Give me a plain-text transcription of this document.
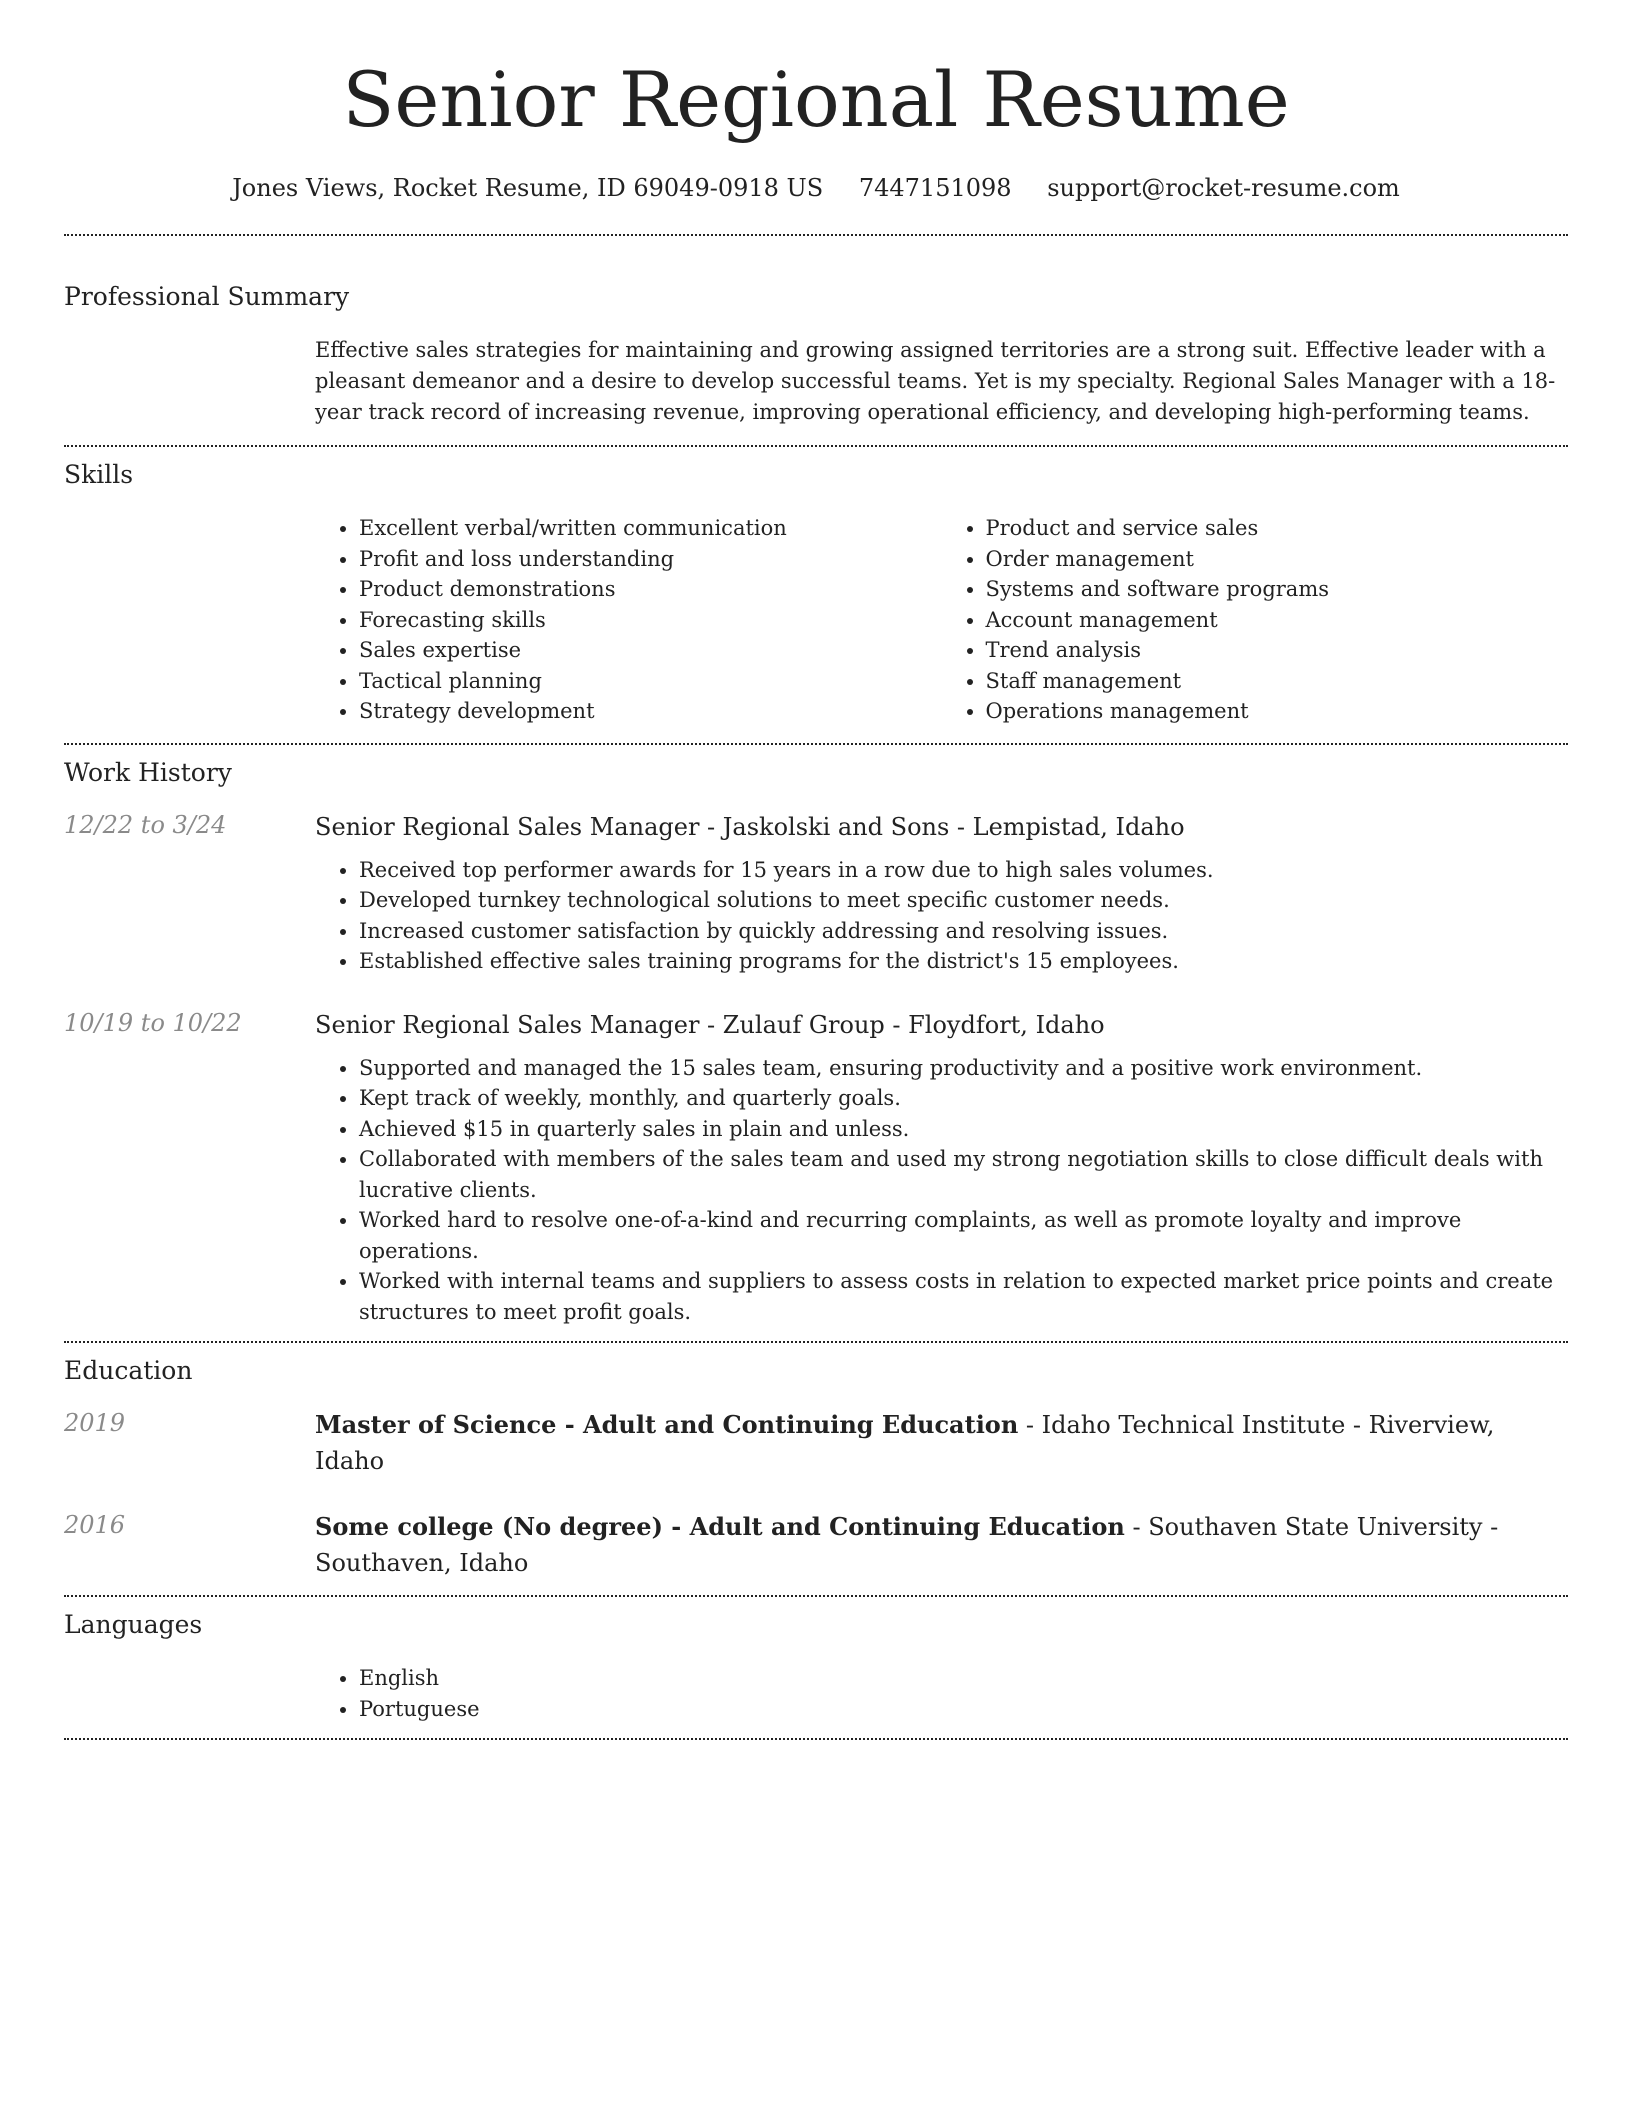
Senior Regional Resume
Jones Views, Rocket Resume, ID 69049-0918 US 7447151098 support@rocket-resume.com
Professional Summary

Effective sales strategies for maintaining and growing assigned territories are a strong suit. Effective leader with a pleasant demeanor and a desire to develop successful teams. Yet is my specialty. Regional Sales Manager with a 18-year track record of increasing revenue, improving operational efficiency, and developing high-performing teams.

Skills
• Excellent verbal/written communication
• Profit and loss understanding
• Product demonstrations
• Forecasting skills
• Sales expertise
• Tactical planning
• Strategy development
• Product and service sales
• Order management
• Systems and software programs
• Account management
• Trend analysis
• Staff management
• Operations management
Work History
12/22 to 3/24	Senior Regional Sales Manager - Jaskolski and Sons - Lempistad, Idaho
• Received top performer awards for 15 years in a row due to high sales volumes.
• Developed turnkey technological solutions to meet specific customer needs.
• Increased customer satisfaction by quickly addressing and resolving issues.
• Established effective sales training programs for the district's 15 employees.
10/19 to 10/22	Senior Regional Sales Manager - Zulauf Group - Floydfort, Idaho
• Supported and managed the 15 sales team, ensuring productivity and a positive work environment.
• Kept track of weekly, monthly, and quarterly goals.
• Achieved $15 in quarterly sales in plain and unless.
• Collaborated with members of the sales team and used my strong negotiation skills to close difficult deals with lucrative clients.
• Worked hard to resolve one-of-a-kind and recurring complaints, as well as promote loyalty and improve operations.
• Worked with internal teams and suppliers to assess costs in relation to expected market price points and create structures to meet profit goals.
Education
2019	Master of Science - Adult and Continuing Education - Idaho Technical Institute - Riverview, Idaho

2016	Some college (No degree) - Adult and Continuing Education - Southaven State University - Southaven, Idaho

Languages
• English
• Portuguese
